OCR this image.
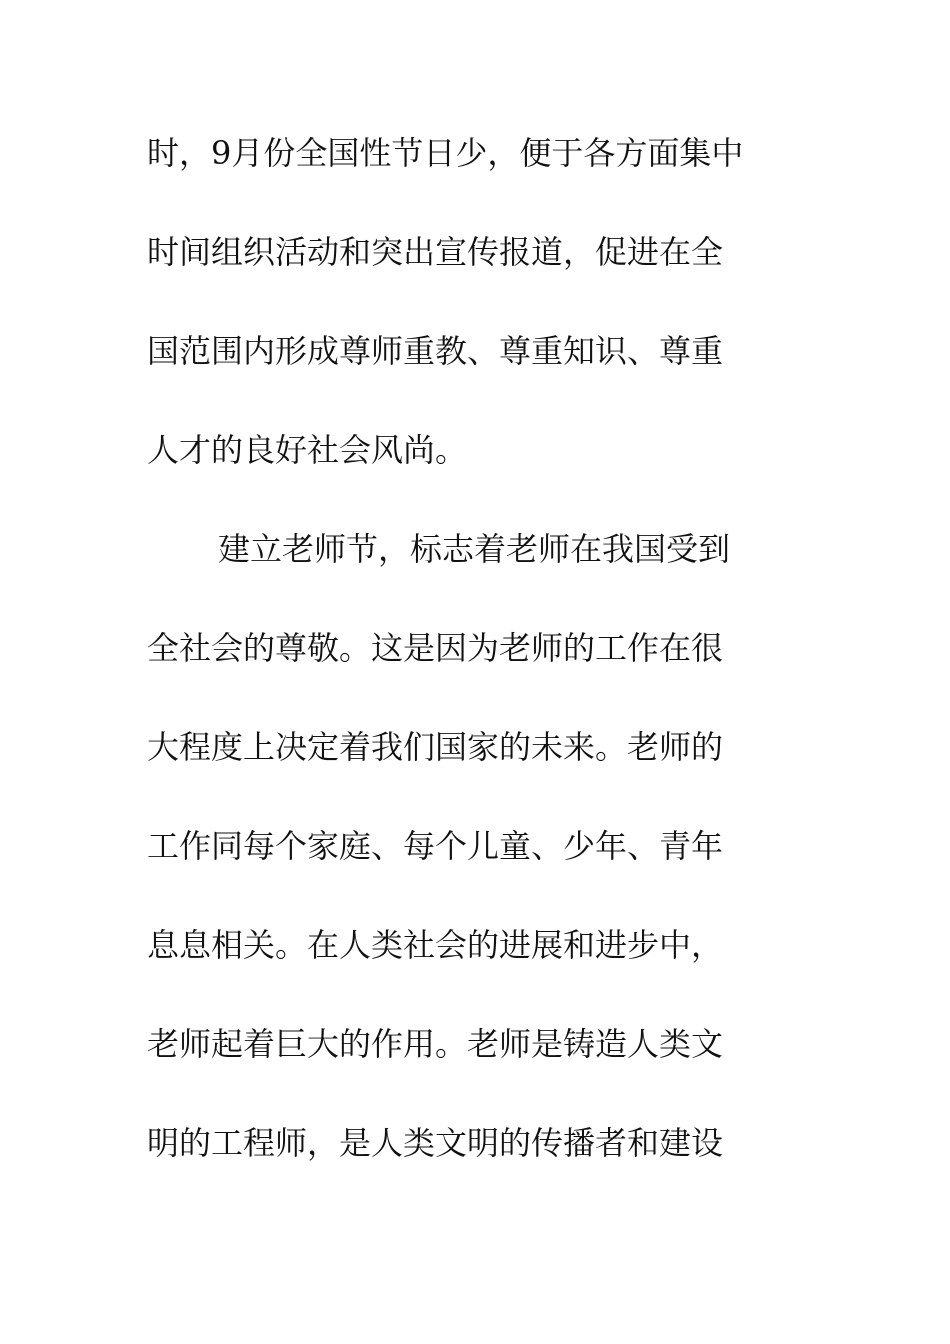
时，9月份全国性节日少，便于各方面集中

时间组织活动和突出宣传报道，促进在全

国范围内形成尊师重教、尊重知识、尊重

人才的良好社会风尚。

建立老师节，标志着老师在我国受到

全社会的尊敬。这是因为老师的工作在很

大程度上决定着我们国家的未来。老师的

工作同每个家庭、每个儿童、少年、青年

息息相关。在人类社会的进展和进步中，

老师起着巨大的作用。老师是铸造人类文

明的工程师，是人类文明的传播者和建设
